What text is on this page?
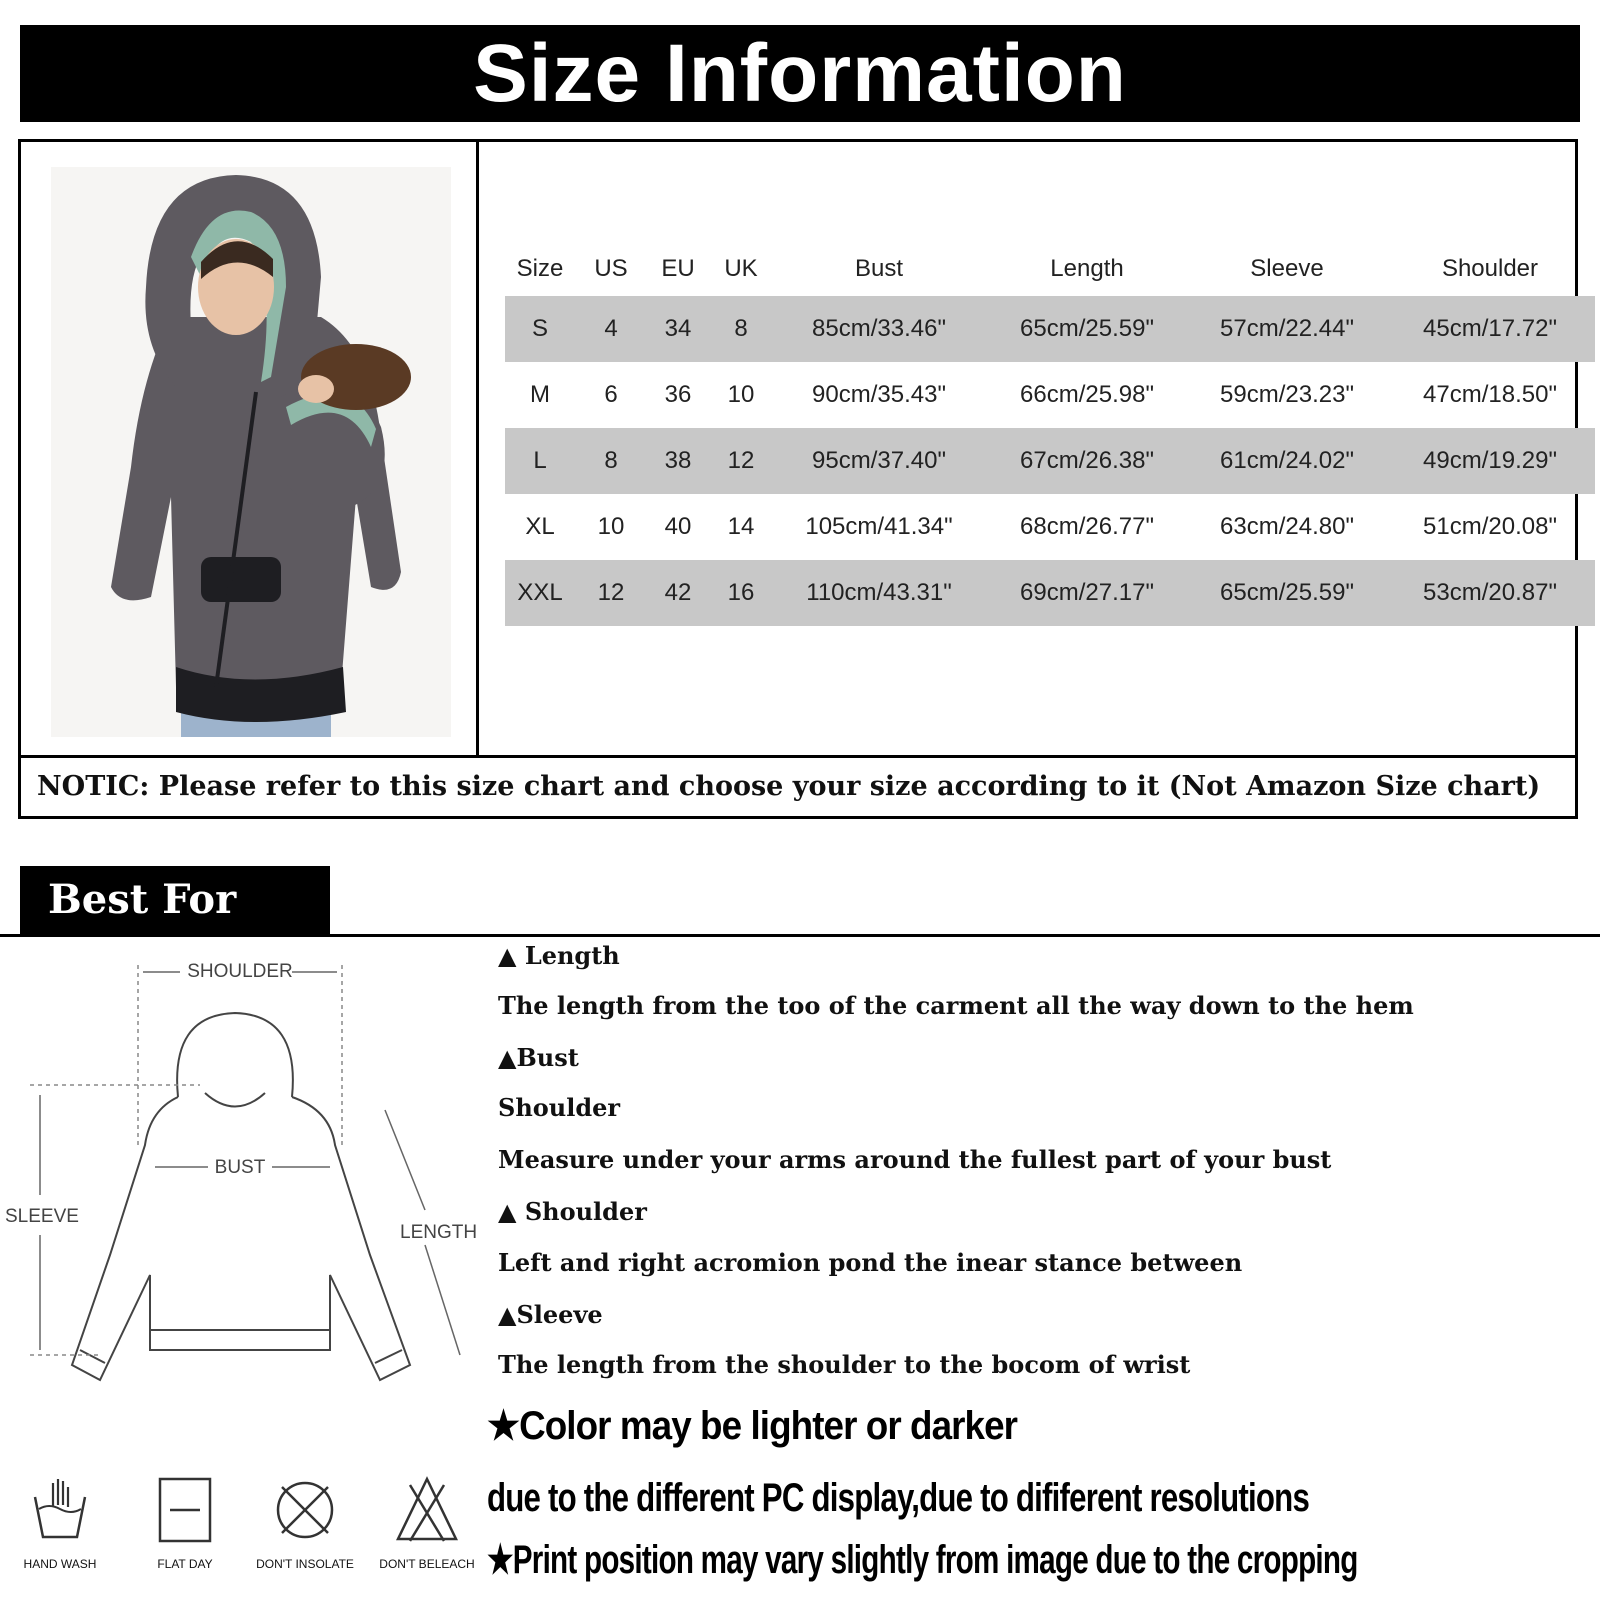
Size Information
Size	US	EU	UK	Bust	Length	Sleeve	Shoulder
S	4	34	8	85cm/33.46"	65cm/25.59"	57cm/22.44"	45cm/17.72"
M	6	36	10	90cm/35.43"	66cm/25.98"	59cm/23.23"	47cm/18.50"
L	8	38	12	95cm/37.40"	67cm/26.38"	61cm/24.02"	49cm/19.29"
XL	10	40	14	105cm/41.34"	68cm/26.77"	63cm/24.80"	51cm/20.08"
XXL	12	42	16	110cm/43.31"	69cm/27.17"	65cm/25.59"	53cm/20.87"
NOTIC: Please refer to this size chart and choose your size according to it (Not Amazon Size chart)
Best For You	SHOULDER
BUST
SLEEVE
LENGTH
HAND WASH	FLAT DAY	DON'T INSOLATE	DON'T BELEACH
▲ Length
The length from the too of the carment all the way down to the hem
▲Bust
Shoulder
Measure under your arms around the fullest part of your bust
▲ Shoulder
Left and right acromion pond the inear stance between
▲Sleeve
The length from the shoulder to the bocom of wrist
★Color may be lighter or darker
due to the different PC display,due to dififerent resolutions
★Print position may vary slightly from image due to the cropping
